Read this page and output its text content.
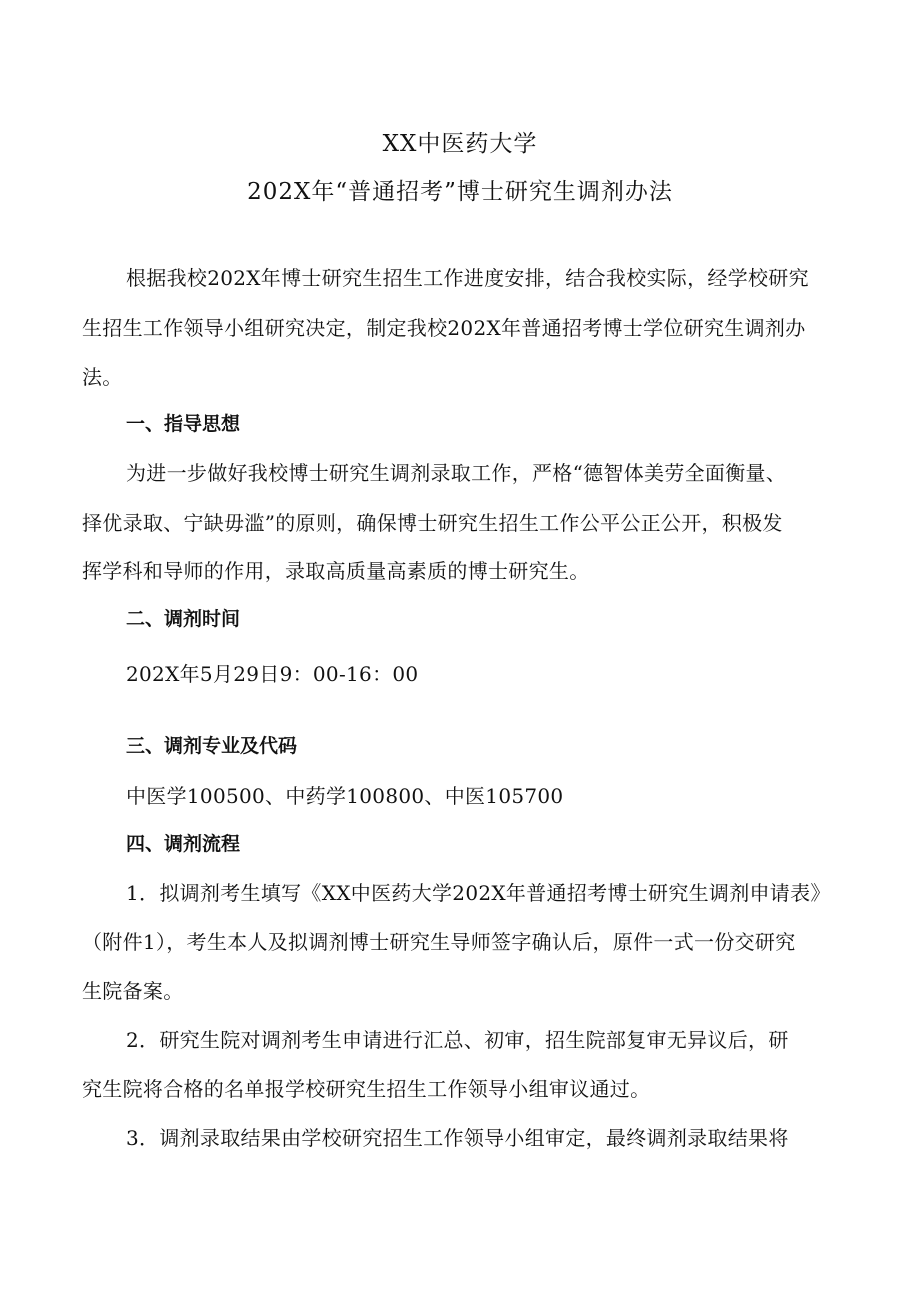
XX中医药大学
202X年“普通招考”博士研究生调剂办法
根据我校202X年博士研究生招生工作进度安排，结合我校实际，经学校研究
生招生工作领导小组研究决定，制定我校202X年普通招考博士学位研究生调剂办
法。
一、指导思想
为进一步做好我校博士研究生调剂录取工作，严格“德智体美劳全面衡量、
择优录取、宁缺毋滥”的原则，确保博士研究生招生工作公平公正公开，积极发
挥学科和导师的作用，录取高质量高素质的博士研究生。
二、调剂时间
202X年5月29日9：00-16：00
三、调剂专业及代码
中医学100500、中药学100800、中医105700
四、调剂流程
1．拟调剂考生填写《XX中医药大学202X年普通招考博士研究生调剂申请表》
（附件1），考生本人及拟调剂博士研究生导师签字确认后，原件一式一份交研究
生院备案。
2．研究生院对调剂考生申请进行汇总、初审，招生院部复审无异议后，研
究生院将合格的名单报学校研究生招生工作领导小组审议通过。
3．调剂录取结果由学校研究招生工作领导小组审定，最终调剂录取结果将
